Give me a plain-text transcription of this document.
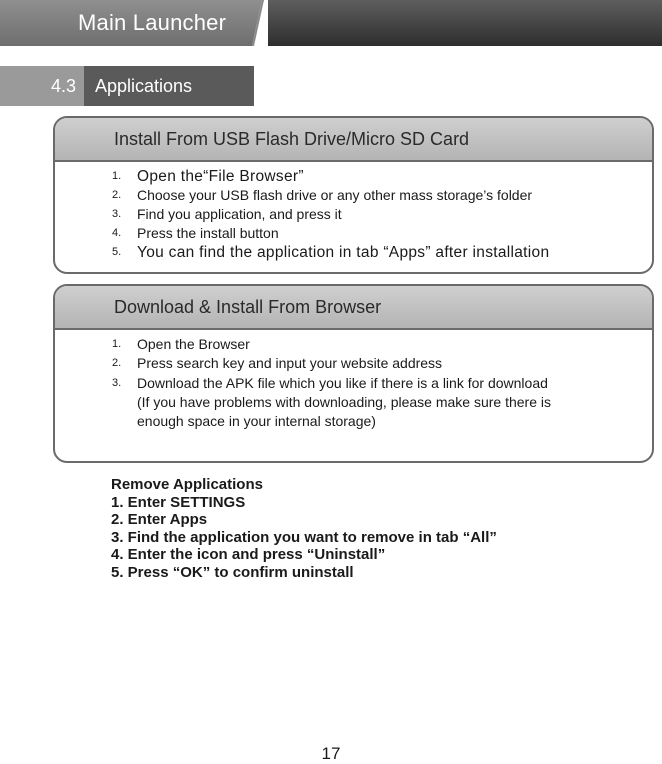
Main Launcher
4.3	Applications
Install From USB Flash Drive/Micro SD Card
1. Open the“File Browser”
2. Choose your USB flash drive or any other mass storage’s folder
3. Find you application, and press it
4. Press the install button
5. You can find the application in tab “Apps” after installation
Download & Install From Browser
1. Open the Browser
2. Press search key and input your website address
3. Download the APK file which you like if there is a link for download
(If you have problems with downloading, please make sure there is
enough space in your internal storage)
Remove Applications
1. Enter SETTINGS
2. Enter Apps
3. Find the application you want to remove in tab “All”
4. Enter the icon and press “Uninstall”
5. Press “OK” to confirm uninstall
17
